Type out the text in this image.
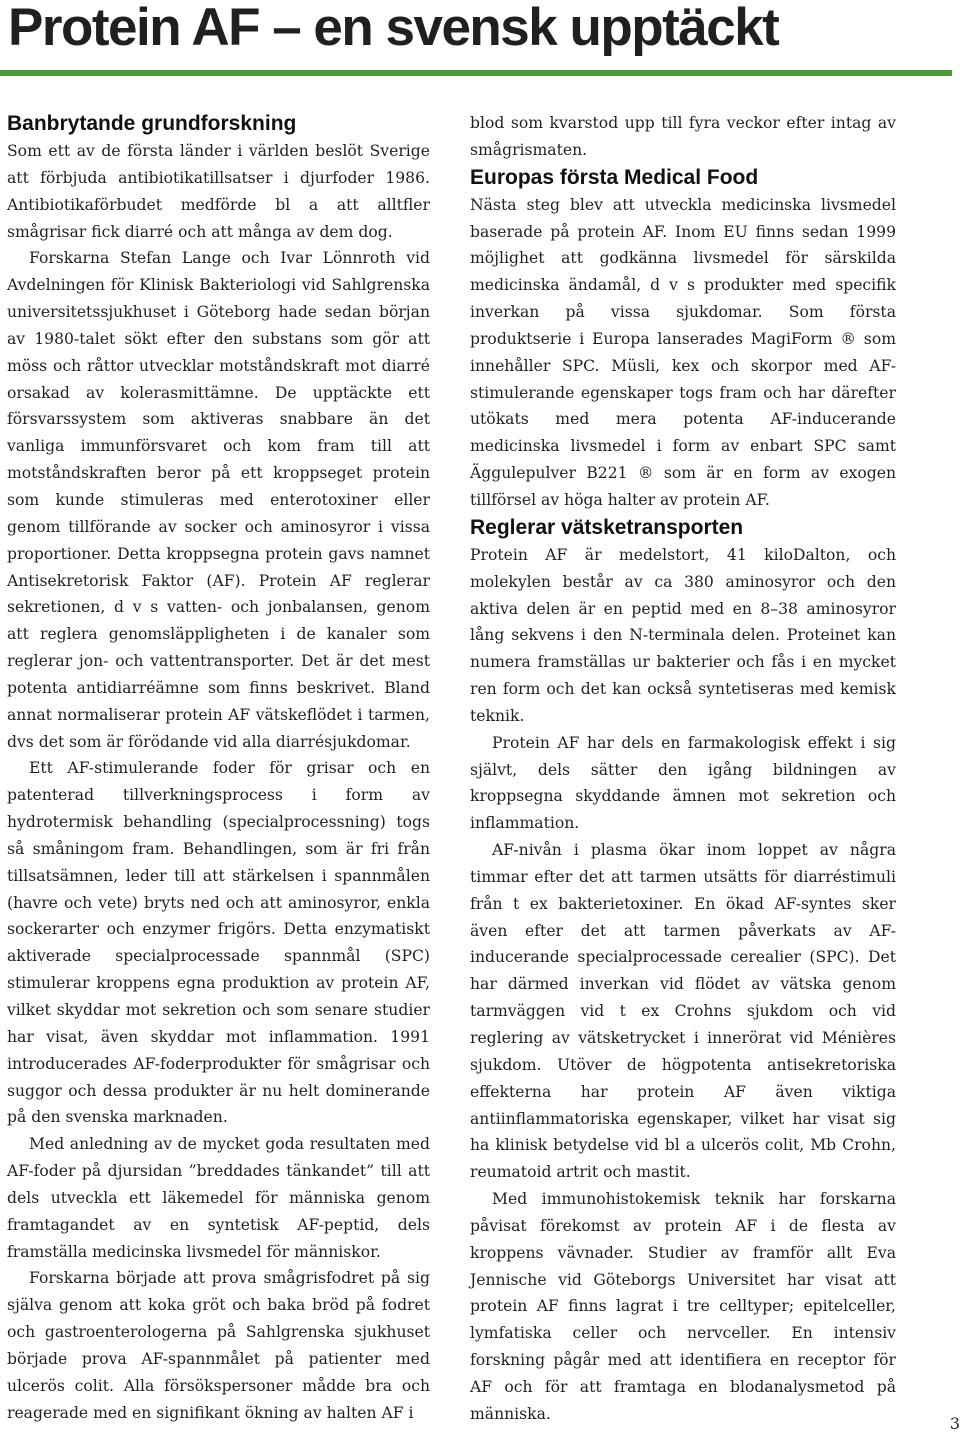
Protein AF – en svensk upptäckt
Banbrytande grundforskning

Som ett av de första länder i världen beslöt Sverige att förbjuda antibiotikatillsatser i djurfoder 1986. Antibiotikaförbudet medförde bl a att alltfler smågrisar fick diarré och att många av dem dog.

Forskarna Stefan Lange och Ivar Lönnroth vid Avdelningen för Klinisk Bakteriologi vid Sahlgrenska universitetssjukhuset i Göteborg hade sedan början av 1980-talet sökt efter den substans som gör att möss och råttor utvecklar motståndskraft mot diarré orsakad av kolerasmittämne. De upptäckte ett försvarssystem som aktiveras snabbare än det vanliga immunförsvaret och kom fram till att motståndskraften beror på ett kroppseget protein som kunde stimuleras med enterotoxiner eller genom tillförande av socker och aminosyror i vissa proportioner. Detta kroppsegna protein gavs namnet Antisekretorisk Faktor (AF). Protein AF reglerar sekretionen, d v s vatten- och jonbalansen, genom att reglera genomsläppligheten i de kanaler som reglerar jon- och vattentransporter. Det är det mest potenta antidiarréämne som finns beskrivet. Bland annat normaliserar protein AF vätskeflödet i tarmen, dvs det som är förödande vid alla diarrésjukdomar.

Ett AF-stimulerande foder för grisar och en patenterad tillverkningsprocess i form av hydrotermisk behandling (specialprocessning) togs så småningom fram. Behandlingen, som är fri från tillsatsämnen, leder till att stärkelsen i spannmålen (havre och vete) bryts ned och att aminosyror, enkla sockerarter och enzymer frigörs. Detta enzymatiskt aktiverade specialprocessade spannmål (SPC) stimulerar kroppens egna produktion av protein AF, vilket skyddar mot sekretion och som senare studier har visat, även skyddar mot inflammation. 1991 introducerades AF-foderprodukter för smågrisar och suggor och dessa produkter är nu helt dominerande på den svenska marknaden.

Med anledning av de mycket goda resultaten med AF-foder på djursidan ”breddades tänkandet” till att dels utveckla ett läkemedel för människa genom framtagandet av en syntetisk AF-peptid, dels framställa medicinska livsmedel för människor.

Forskarna började att prova smågrisfodret på sig själva genom att koka gröt och baka bröd på fodret och gastroenterologerna på Sahlgrenska sjukhuset började prova AF-spannmålet på patienter med ulcerös colit. Alla försökspersoner mådde bra och reagerade med en signifikant ökning av halten AF i

blod som kvarstod upp till fyra veckor efter intag av smågrismaten.

Europas första Medical Food

Nästa steg blev att utveckla medicinska livsmedel baserade på protein AF. Inom EU finns sedan 1999 möjlighet att godkänna livsmedel för särskilda medicinska ändamål, d v s produkter med specifik inverkan på vissa sjukdomar. Som första produktserie i Europa lanserades MagiForm ® som innehåller SPC. Müsli, kex och skorpor med AF-stimulerande egenskaper togs fram och har därefter utökats med mera potenta AF-inducerande medicinska livsmedel i form av enbart SPC samt Äggulepulver B221 ® som är en form av exogen tillförsel av höga halter av protein AF.

Reglerar vätsketransporten

Protein AF är medelstort, 41 kiloDalton, och molekylen består av ca 380 aminosyror och den aktiva delen är en peptid med en 8–38 aminosyror lång sekvens i den N-terminala delen. Proteinet kan numera framställas ur bakterier och fås i en mycket ren form och det kan också syntetiseras med kemisk teknik.

Protein AF har dels en farmakologisk effekt i sig självt, dels sätter den igång bildningen av kroppsegna skyddande ämnen mot sekretion och inflammation.

AF-nivån i plasma ökar inom loppet av några timmar efter det att tarmen utsätts för diarréstimuli från t ex bakterietoxiner. En ökad AF-syntes sker även efter det att tarmen påverkats av AF-inducerande specialprocessade cerealier (SPC). Det har därmed inverkan vid flödet av vätska genom tarmväggen vid t ex Crohns sjukdom och vid reglering av vätsketrycket i innerörat vid Ménières sjukdom. Utöver de högpotenta antisekretoriska effekterna har protein AF även viktiga antiinflammatoriska egenskaper, vilket har visat sig ha klinisk betydelse vid bl a ulcerös colit, Mb Crohn, reumatoid artrit och mastit.

Med immunohistokemisk teknik har forskarna påvisat förekomst av protein AF i de flesta av kroppens vävnader. Studier av framför allt Eva Jennische vid Göteborgs Universitet har visat att protein AF finns lagrat i tre celltyper; epitelceller, lymfatiska celler och nervceller. En intensiv forskning pågår med att identifiera en receptor för AF och för att framtaga en blodanalysmetod på människa.

3
